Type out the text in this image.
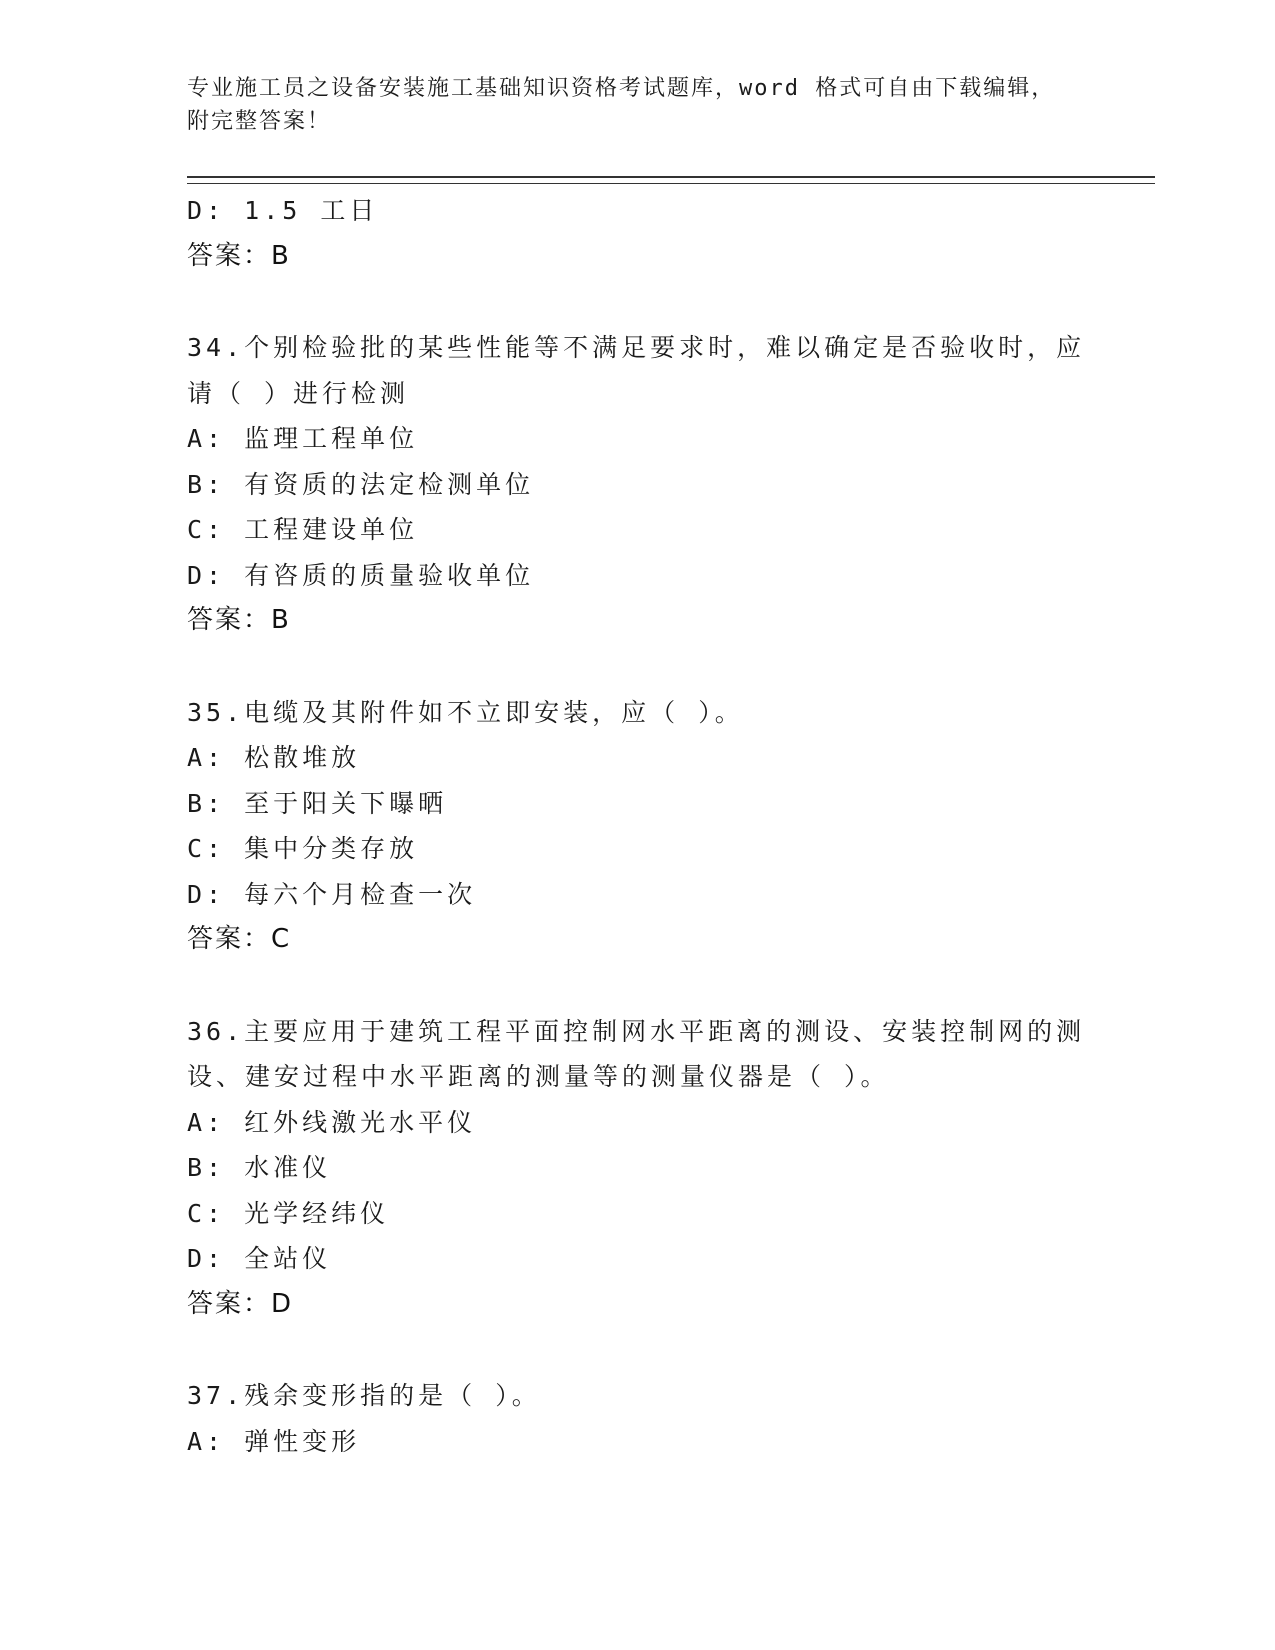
专业施工员之设备安装施工基础知识资格考试题库，word 格式可自由下载编辑，
附完整答案！
D: 1.5 工日
答案：B
34.个别检验批的某些性能等不满足要求时，难以确定是否验收时，应
请（ ）进行检测
A: 监理工程单位
B: 有资质的法定检测单位
C: 工程建设单位
D: 有咨质的质量验收单位
答案：B
35.电缆及其附件如不立即安装，应（ ）。
A: 松散堆放
B: 至于阳关下曝晒
C: 集中分类存放
D: 每六个月检查一次
答案：C
36.主要应用于建筑工程平面控制网水平距离的测设、安装控制网的测
设、建安过程中水平距离的测量等的测量仪器是（ ）。
A: 红外线激光水平仪
B: 水准仪
C: 光学经纬仪
D: 全站仪
答案：D
37.残余变形指的是（ ）。
A: 弹性变形
